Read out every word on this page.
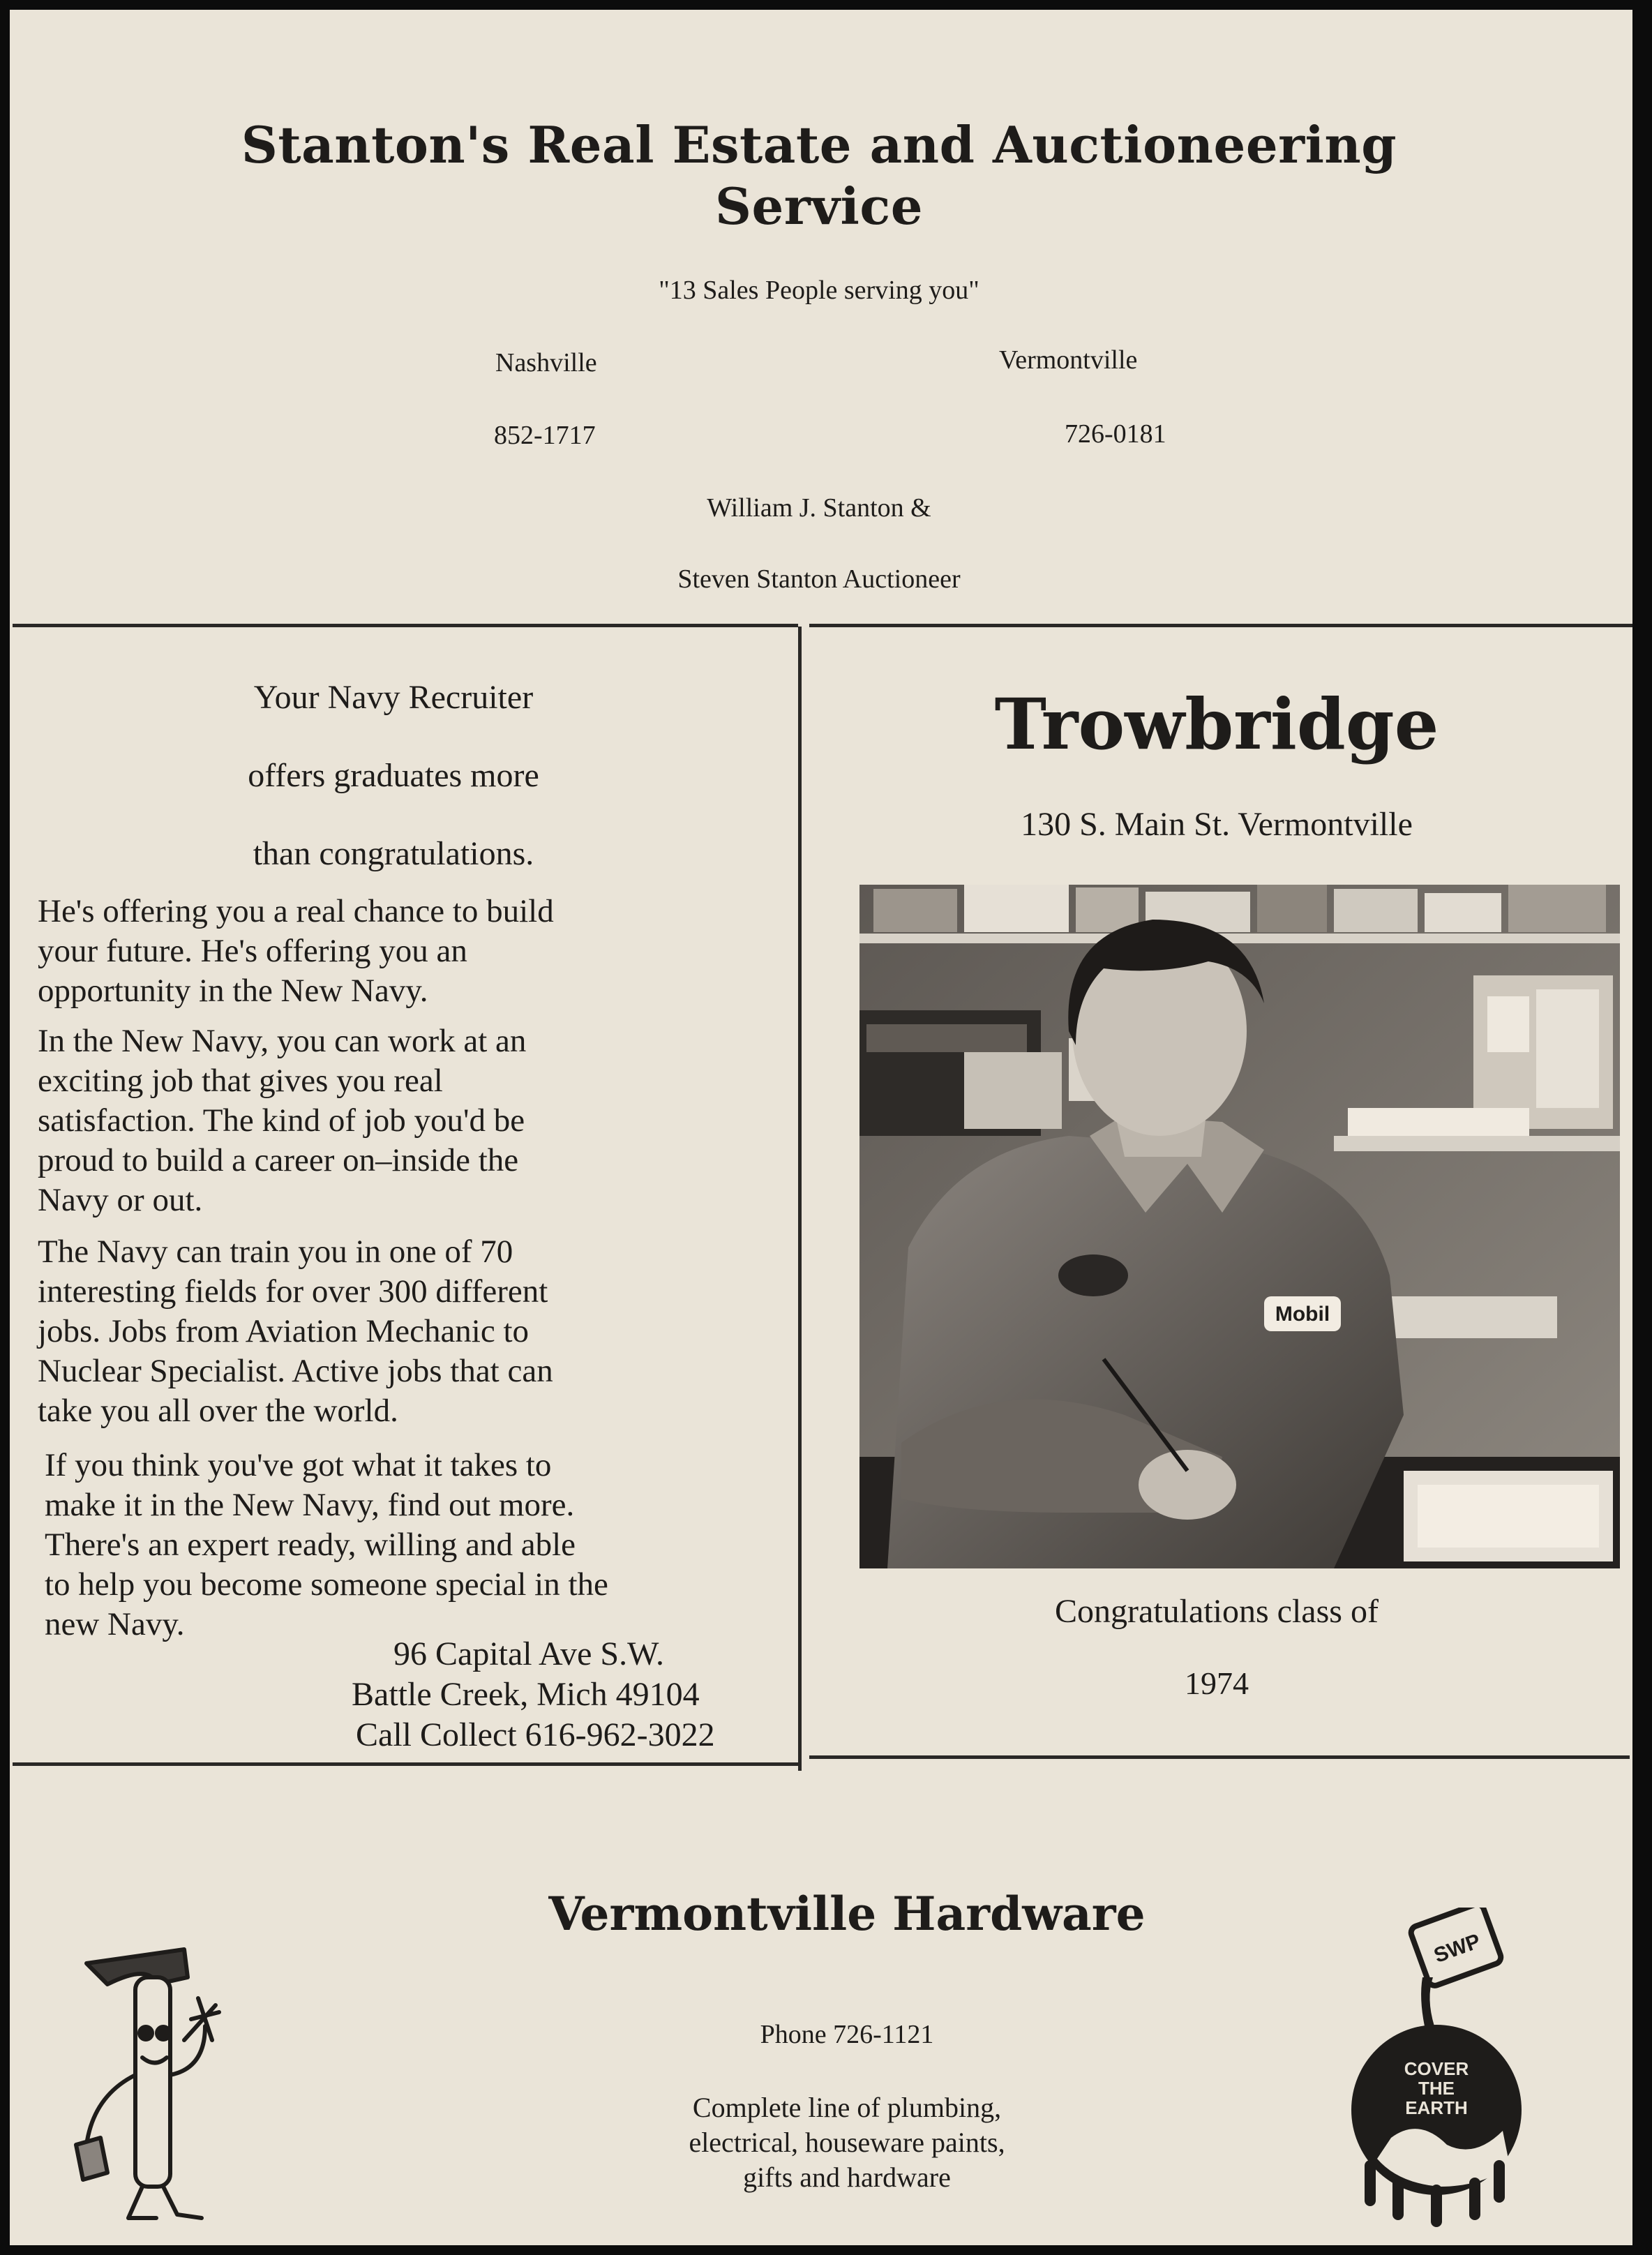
Stanton's Real Estate and Auctioneering
Service
"13 Sales People serving you"
Nashville	Vermontville
852-1717	726-0181
William J. Stanton &
Steven Stanton Auctioneer
Your Navy Recruiter
offers graduates more
than congratulations.
He's offering you a real chance to build
your future. He's offering you an
opportunity in the New Navy.
In the New Navy, you can work at an
exciting job that gives you real
satisfaction. The kind of job you'd be
proud to build a career on–inside the
Navy or out.
The Navy can train you in one of 70
interesting fields for over 300 different
jobs. Jobs from Aviation Mechanic to
Nuclear Specialist. Active jobs that can
take you all over the world.
If you think you've got what it takes to
make it in the New Navy, find out more.
There's an expert ready, willing and able
to help you become someone special in the
new Navy.
96 Capital Ave S.W.
Battle Creek, Mich 49104
Call Collect 616-962-3022
Trowbridge
130 S. Main St. Vermontville
Mobil
Congratulations class of
1974
Vermontville Hardware
Phone 726-1121
Complete line of plumbing,
electrical, houseware paints,
gifts and hardware
SWP
COVER
THE
EARTH
